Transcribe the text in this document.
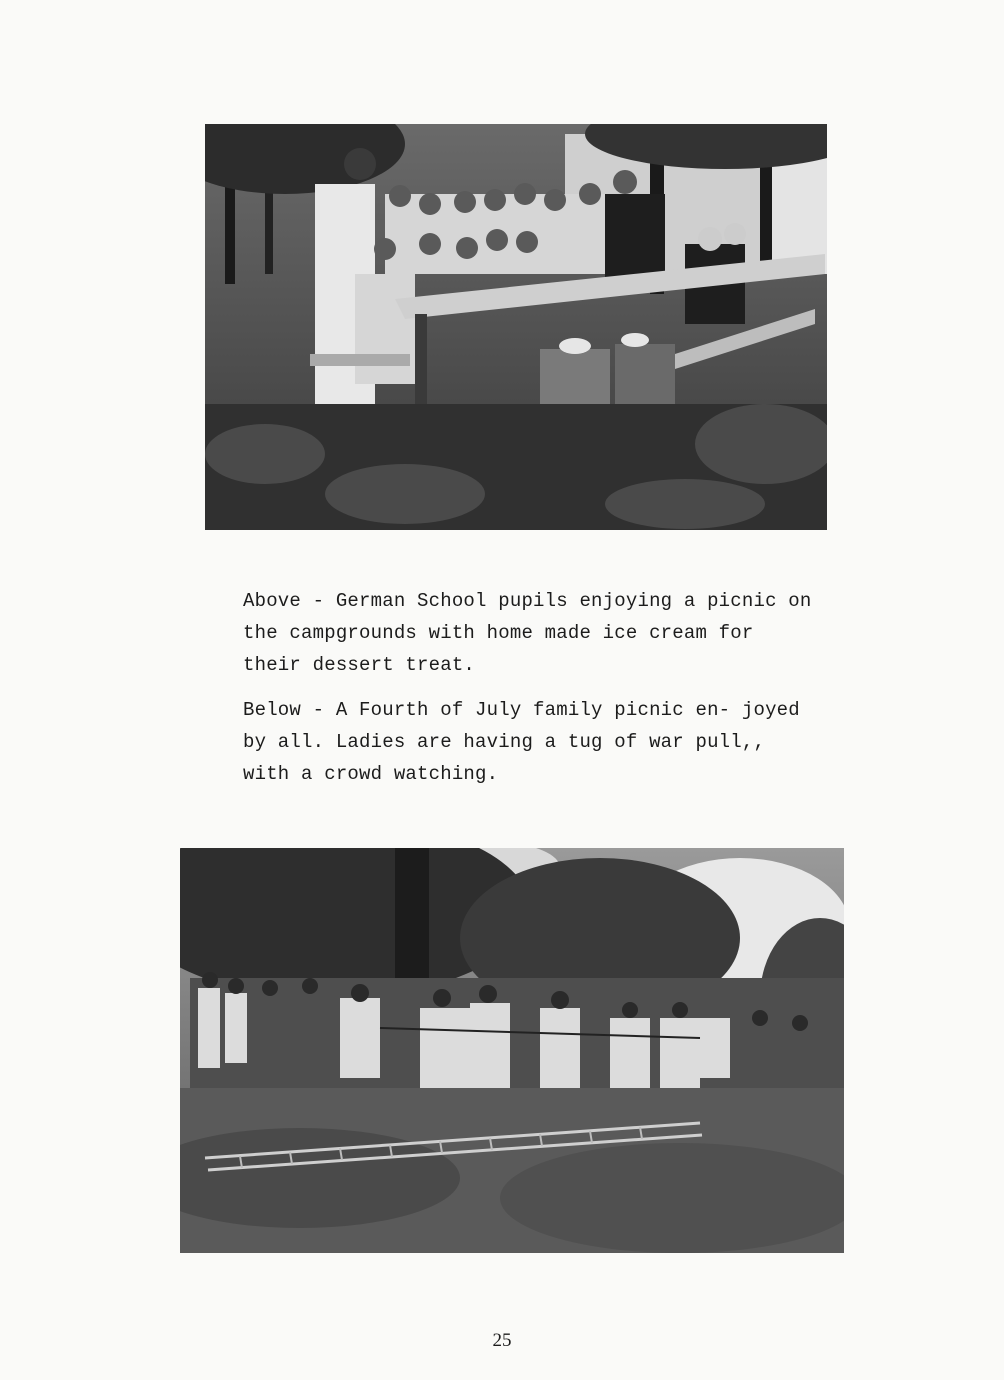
Above - German School pupils enjoying a picnic on the campgrounds with home made ice cream for their dessert treat.

Below - A Fourth of July family picnic en- joyed by all. Ladies are having a tug of war pull,, with a crowd watching.

25
